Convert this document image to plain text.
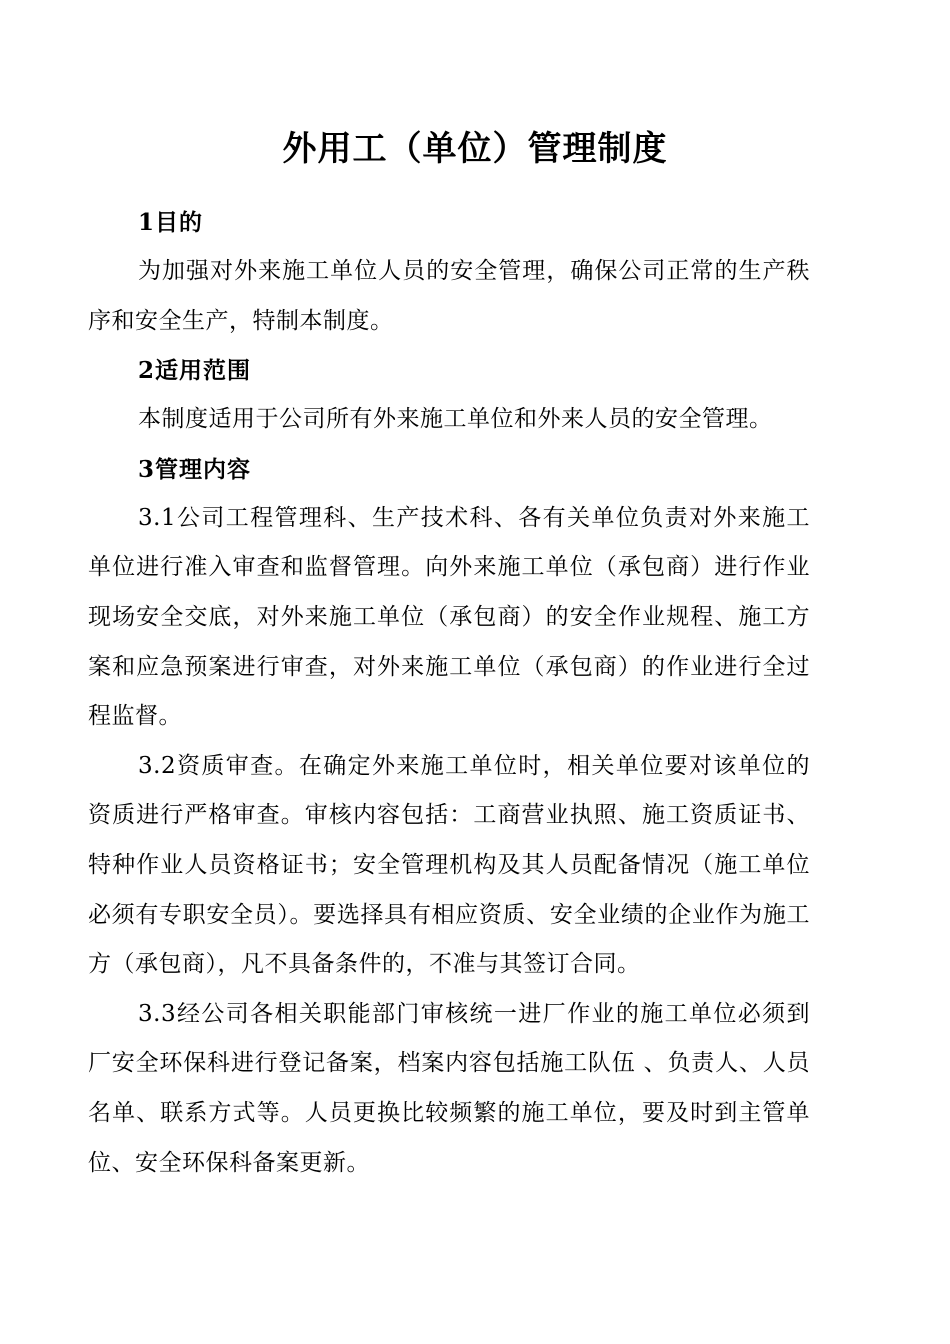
外用工（单位）管理制度

1目的

为加强对外来施工单位人员的安全管理，确保公司正常的生产秩序和安全生产，特制本制度。

2适用范围

本制度适用于公司所有外来施工单位和外来人员的安全管理。

3管理内容

3.1公司工程管理科、生产技术科、各有关单位负责对外来施工单位进行准入审查和监督管理。向外来施工单位（承包商）进行作业现场安全交底，对外来施工单位（承包商）的安全作业规程、施工方案和应急预案进行审查，对外来施工单位（承包商）的作业进行全过程监督。

3.2资质审查。在确定外来施工单位时，相关单位要对该单位的资质进行严格审查。审核内容包括：工商营业执照、施工资质证书、特种作业人员资格证书；安全管理机构及其人员配备情况（施工单位必须有专职安全员）。要选择具有相应资质、安全业绩的企业作为施工方（承包商），凡不具备条件的，不准与其签订合同。

3.3经公司各相关职能部门审核统一进厂作业的施工单位必须到厂安全环保科进行登记备案，档案内容包括施工队伍 、负责人、人员名单、联系方式等。人员更换比较频繁的施工单位，要及时到主管单位、安全环保科备案更新。
